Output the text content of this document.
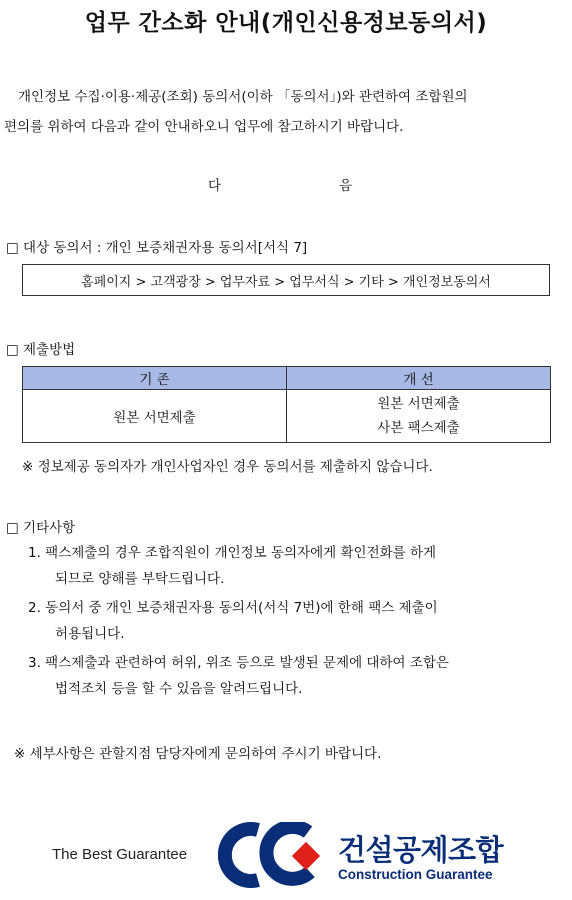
업무 간소화 안내(개인신용정보동의서)
개인정보 수집·이용·제공(조회) 동의서(이하 「동의서」)와 관련하여 조합원의
편의를 위하여 다음과 같이 안내하오니 업무에 참고하시기 바랍니다.
다	음
□ 대상 동의서 : 개인 보증채권자용 동의서[서식 7]
홈페이지 > 고객광장 > 업무자료 > 업무서식 > 기타 > 개인정보동의서
□ 제출방법
기 존	개 선
원본 서면제출	원본 서면제출
사본 팩스제출
※ 정보제공 동의자가 개인사업자인 경우 동의서를 제출하지 않습니다.
□ 기타사항
1. 팩스제출의 경우 조합직원이 개인정보 동의자에게 확인전화를 하게
되므로 양해를 부탁드립니다.
2. 동의서 중 개인 보증채권자용 동의서(서식 7번)에 한해 팩스 제출이
허용됩니다.
3. 팩스제출과 관련하여 허위, 위조 등으로 발생된 문제에 대하여 조합은
법적조치 등을 할 수 있음을 알려드립니다.
※ 세부사항은 관할지점 담당자에게 문의하여 주시기 바랍니다.
The Best Guarantee	건설공제조합
Construction Guarantee
